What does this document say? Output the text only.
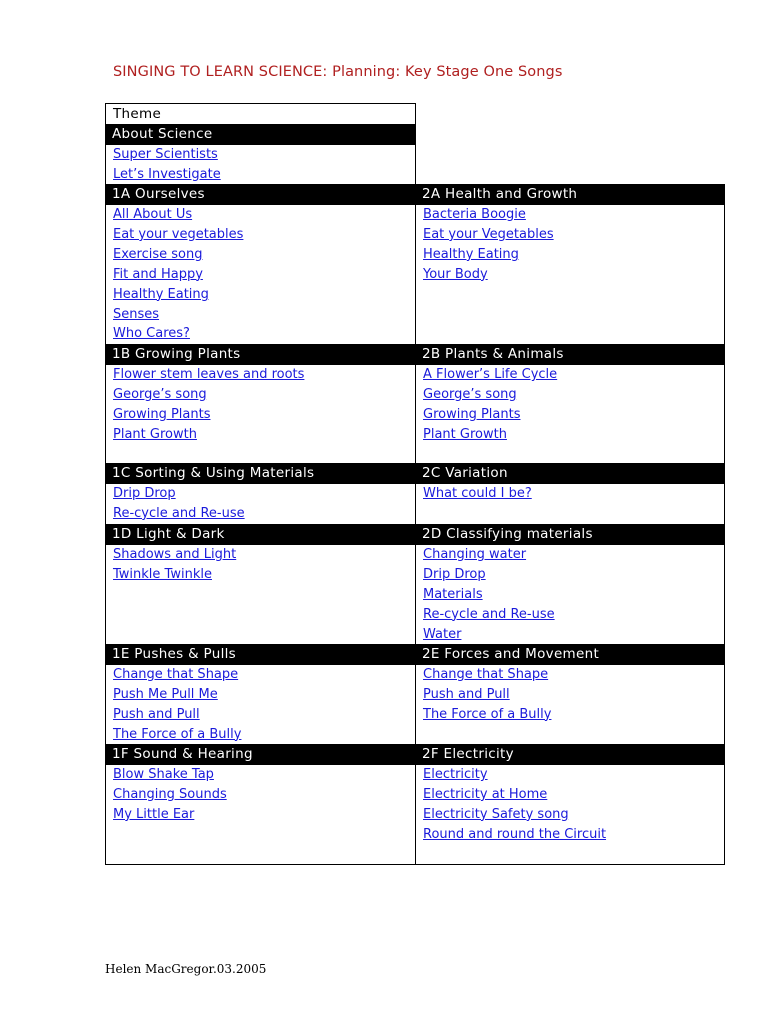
SINGING TO LEARN SCIENCE: Planning: Key Stage One Songs
Theme
About Science
Super Scientists
Let’s Investigate
1A Ourselves
All About Us
Eat your vegetables
Exercise song
Fit and Happy
Healthy Eating
Senses
Who Cares?
2A Health and Growth
Bacteria Boogie
Eat your Vegetables
Healthy Eating
Your Body
1B Growing Plants
Flower stem leaves and roots
George’s song
Growing Plants
Plant Growth
2B Plants & Animals
A Flower’s Life Cycle
George’s song
Growing Plants
Plant Growth
1C Sorting & Using Materials
Drip Drop
Re-cycle and Re-use
2C Variation
What could I be?
1D Light & Dark
Shadows and Light
Twinkle Twinkle
2D Classifying materials
Changing water
Drip Drop
Materials
Re-cycle and Re-use
Water
1E Pushes & Pulls
Change that Shape
Push Me Pull Me
Push and Pull
The Force of a Bully
2E Forces and Movement
Change that Shape
Push and Pull
The Force of a Bully
1F Sound & Hearing
Blow Shake Tap
Changing Sounds
My Little Ear
2F Electricity
Electricity
Electricity at Home
Electricity Safety song
Round and round the Circuit
Helen MacGregor.03.2005
